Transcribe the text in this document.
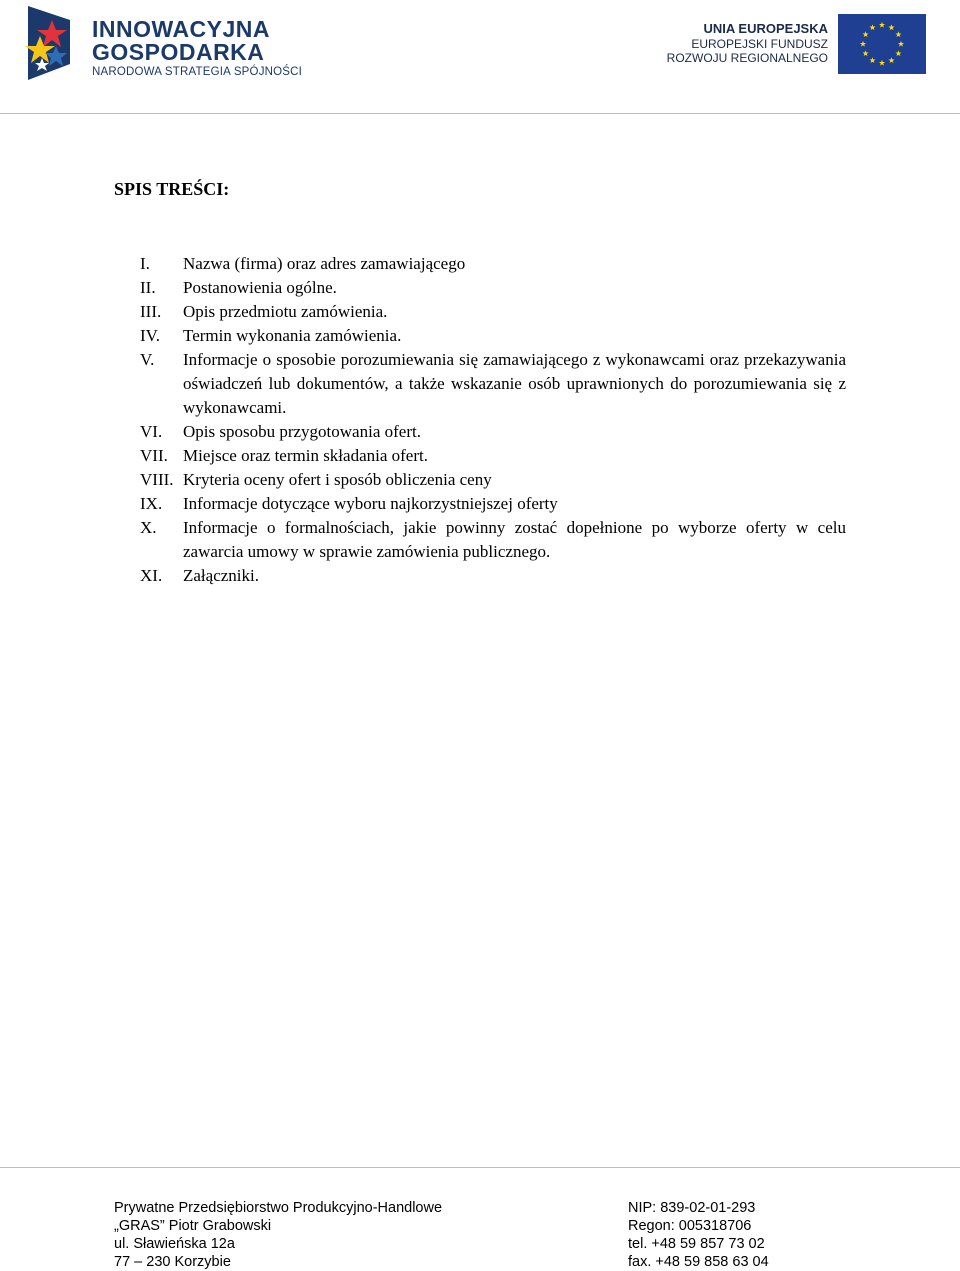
INNOWACYJNA
GOSPODARKA
NARODOWA STRATEGIA SPÓJNOŚCI
UNIA EUROPEJSKA
EUROPEJSKI FUNDUSZ
ROZWOJU REGIONALNEGO
SPIS TREŚCI:
I.	Nazwa (firma) oraz adres zamawiającego
II.	Postanowienia ogólne.
III.	Opis przedmiotu zamówienia.
IV.	Termin wykonania zamówienia.
V.	Informacje o sposobie porozumiewania się zamawiającego z wykonawcami oraz przekazywania oświadczeń lub dokumentów, a także wskazanie osób uprawnionych do porozumiewania się z wykonawcami.
VI.	Opis sposobu przygotowania ofert.
VII. Miejsce oraz termin składania ofert.
VIII. Kryteria oceny ofert i sposób obliczenia ceny
IX.	Informacje dotyczące wyboru najkorzystniejszej oferty
X.	Informacje o formalnościach, jakie powinny zostać dopełnione po wyborze oferty w celu zawarcia umowy w sprawie zamówienia publicznego.
XI.	Załączniki.
Prywatne Przedsiębiorstwo Produkcyjno-Handlowe
„GRAS” Piotr Grabowski
ul. Sławieńska 12a
77 – 230 Korzybie
NIP: 839-02-01-293
Regon: 005318706
tel. +48 59 857 73 02
fax. +48 59 858 63 04
